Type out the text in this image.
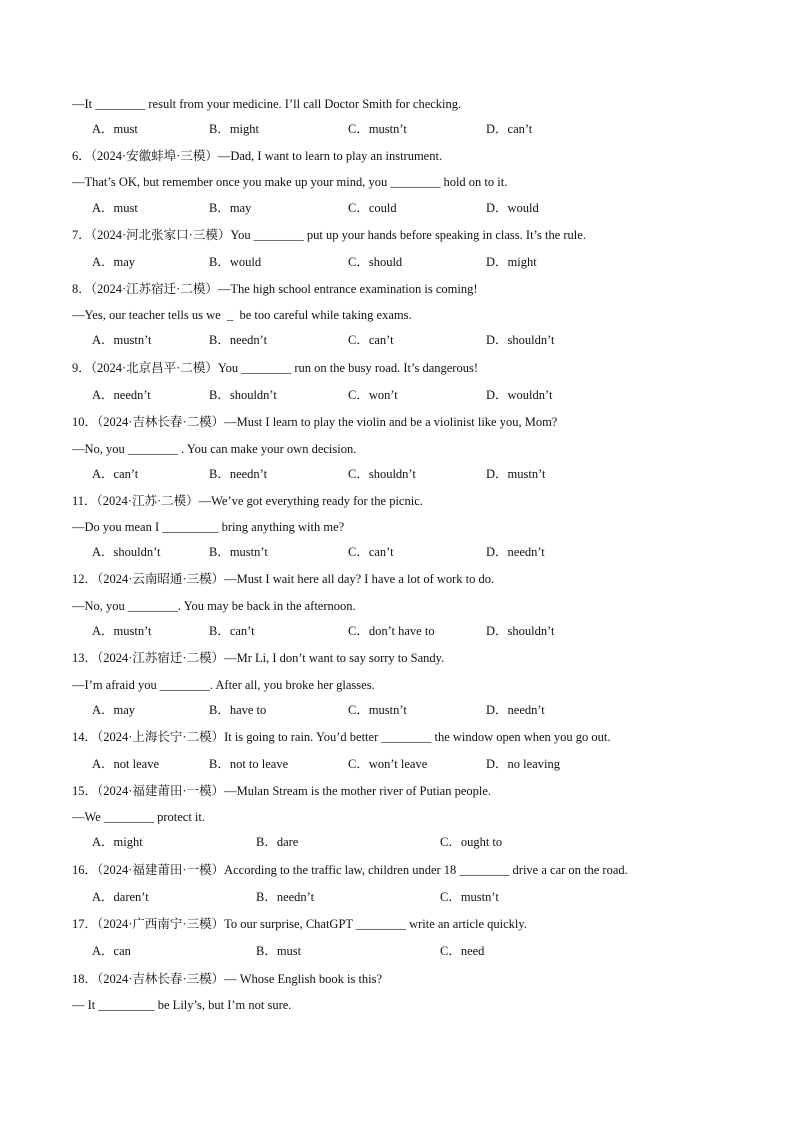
—It ________ result from your medicine. I’ll call Doctor Smith for checking.
A．must	B．might	C．mustn’t	D．can’t
6．（2024·安徽蚌埠·三模）—Dad, I want to learn to play an instrument.
—That’s OK, but remember once you make up your mind, you ________ hold on to it.
A．must	B．may	C．could	D．would
7．（2024·河北张家口·三模）You ________ put up your hands before speaking in class. It’s the rule.
A．may	B．would	C．should	D．might
8．（2024·江苏宿迁·二模）—The high school entrance examination is coming!
—Yes, our teacher tells us we  _  be too careful while taking exams.
A．mustn’t	B．needn’t	C．can’t	D．shouldn’t
9．（2024·北京昌平·二模）You ________ run on the busy road. It’s dangerous!
A．needn’t	B．shouldn’t	C．won’t	D．wouldn’t
10．（2024·吉林长春·二模）—Must I learn to play the violin and be a violinist like you, Mom?
—No, you ________ . You can make your own decision.
A．can’t	B．needn’t	C．shouldn’t	D．mustn’t
11．（2024·江苏·二模）—We’ve got everything ready for the picnic.
—Do you mean I _________ bring anything with me?
A．shouldn’t	B．mustn’t	C．can’t	D．needn’t
12．（2024·云南昭通·三模）—Must I wait here all day? I have a lot of work to do.
—No, you ________. You may be back in the afternoon.
A．mustn’t	B．can’t	C．don’t have to	D．shouldn’t
13．（2024·江苏宿迁·二模）—Mr Li, I don’t want to say sorry to Sandy.
—I’m afraid you ________. After all, you broke her glasses.
A．may	B．have to	C．mustn’t	D．needn’t
14．（2024·上海长宁·二模）It is going to rain. You’d better ________ the window open when you go out.
A．not leave	B．not to leave	C．won’t leave	D．no leaving
15．（2024·福建莆田·一模）—Mulan Stream is the mother river of Putian people.
—We ________ protect it.
A．might	B．dare	C．ought to
16．（2024·福建莆田·一模）According to the traffic law, children under 18 ________ drive a car on the road.
A．daren’t	B．needn’t	C．mustn’t
17．（2024·广西南宁·三模）To our surprise, ChatGPT ________ write an article quickly.
A．can	B．must	C．need
18．（2024·吉林长春·三模）— Whose English book is this?
— It _________ be Lily’s, but I’m not sure.
